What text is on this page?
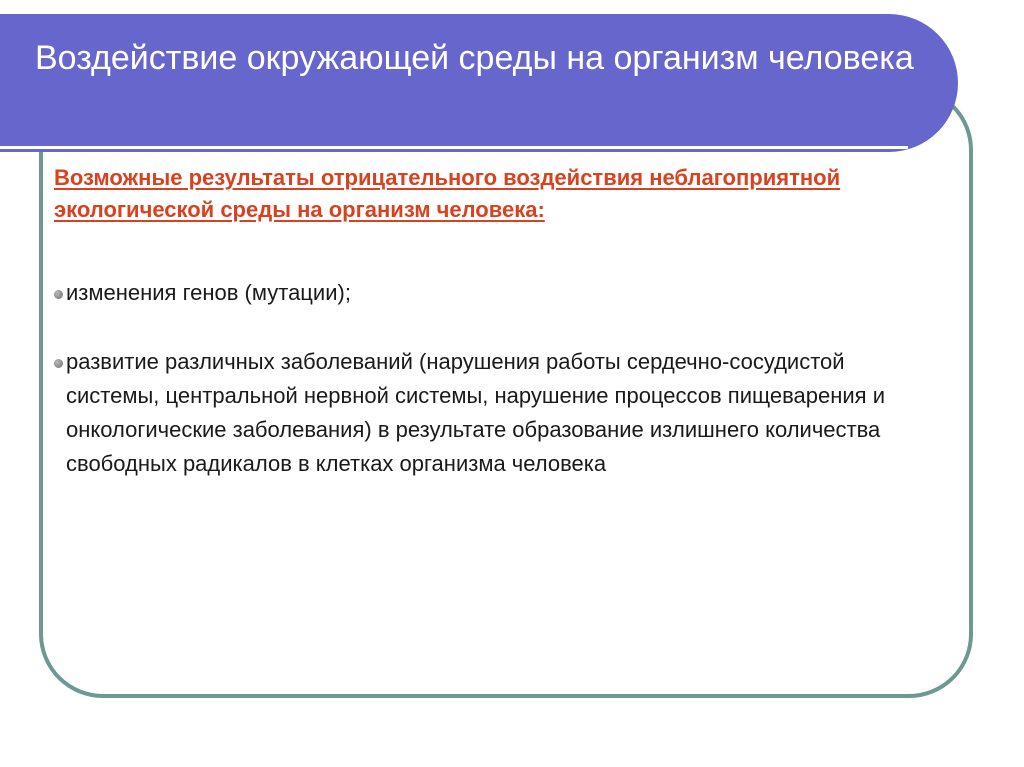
Воздействие окружающей среды на организм человека
Возможные результаты отрицательного воздействия неблагоприятной экологической среды на организм человека:
изменения генов (мутации);
развитие различных заболеваний (нарушения работы сердечно-сосудистой системы, центральной нервной системы, нарушение процессов пищеварения и онкологические заболевания) в результате образование излишнего количества свободных радикалов в клетках организма человека
